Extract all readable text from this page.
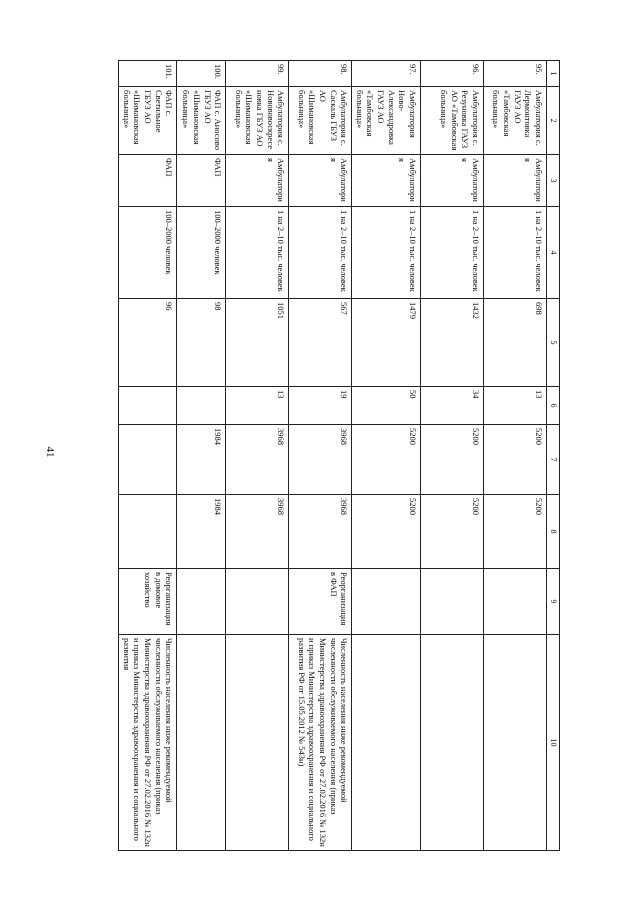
41
1	2	3	4	5	6	7	8	9	10
95.	Амбулатория с. Лермонтовка ГАУЗ АО «Тамбовская больница»	Амбулатория	1 на 2–10 тыс. человек	698	13	5200	5200		
96.	Амбулатория с. Резуновка ГАУЗ АО «Тамбовская больница»	Амбулатория	1 на 2–10 тыс. человек	1432	34	5200	5200		
97.	Амбулатория Ново-Александровка ГАУЗ АО «Тамбовская больница»	Амбулатория	1 на 2–10 тыс. человек	1479	50	5200	5200		
98.	Амбулатория с. Саскаль ГБУЗ АО «Шимановская больница»	Амбулатория	1 на 2–10 тыс. человек	567	19	3968	3968	Реорганизация в ФАП	Численность населения ниже рекомендуемой численности обслуживаемого населения (приказ Министерства здравоохранения РФ от 27.02.2016 № 132н и приказ Министерства здравоохранения и социального развития РФ от 15.05.2012 № 543н)
99.	Амбулатория с. Новововоскресеновка ГБУЗ АО «Шимановская больница»	Амбулатория	1 на 2–10 тыс. человек	1051	13	3968	3968		
100.	ФАП с. Аносово ГБУЗ АО «Шимановская больница»	ФАП	100–2000 человек	98		1984	1984		
101.	ФАП с. Светильное ГБУЗ АО «Шимановская больница»	ФАП	100–2000 человек	96				Реорганизация в домовое хозяйство	Численность населения ниже рекомендуемой численности обслуживаемого населения (приказ Министерства здравоохранения РФ от 27.02.2016 № 132н и приказ Министерства здравоохранения и социального развития
